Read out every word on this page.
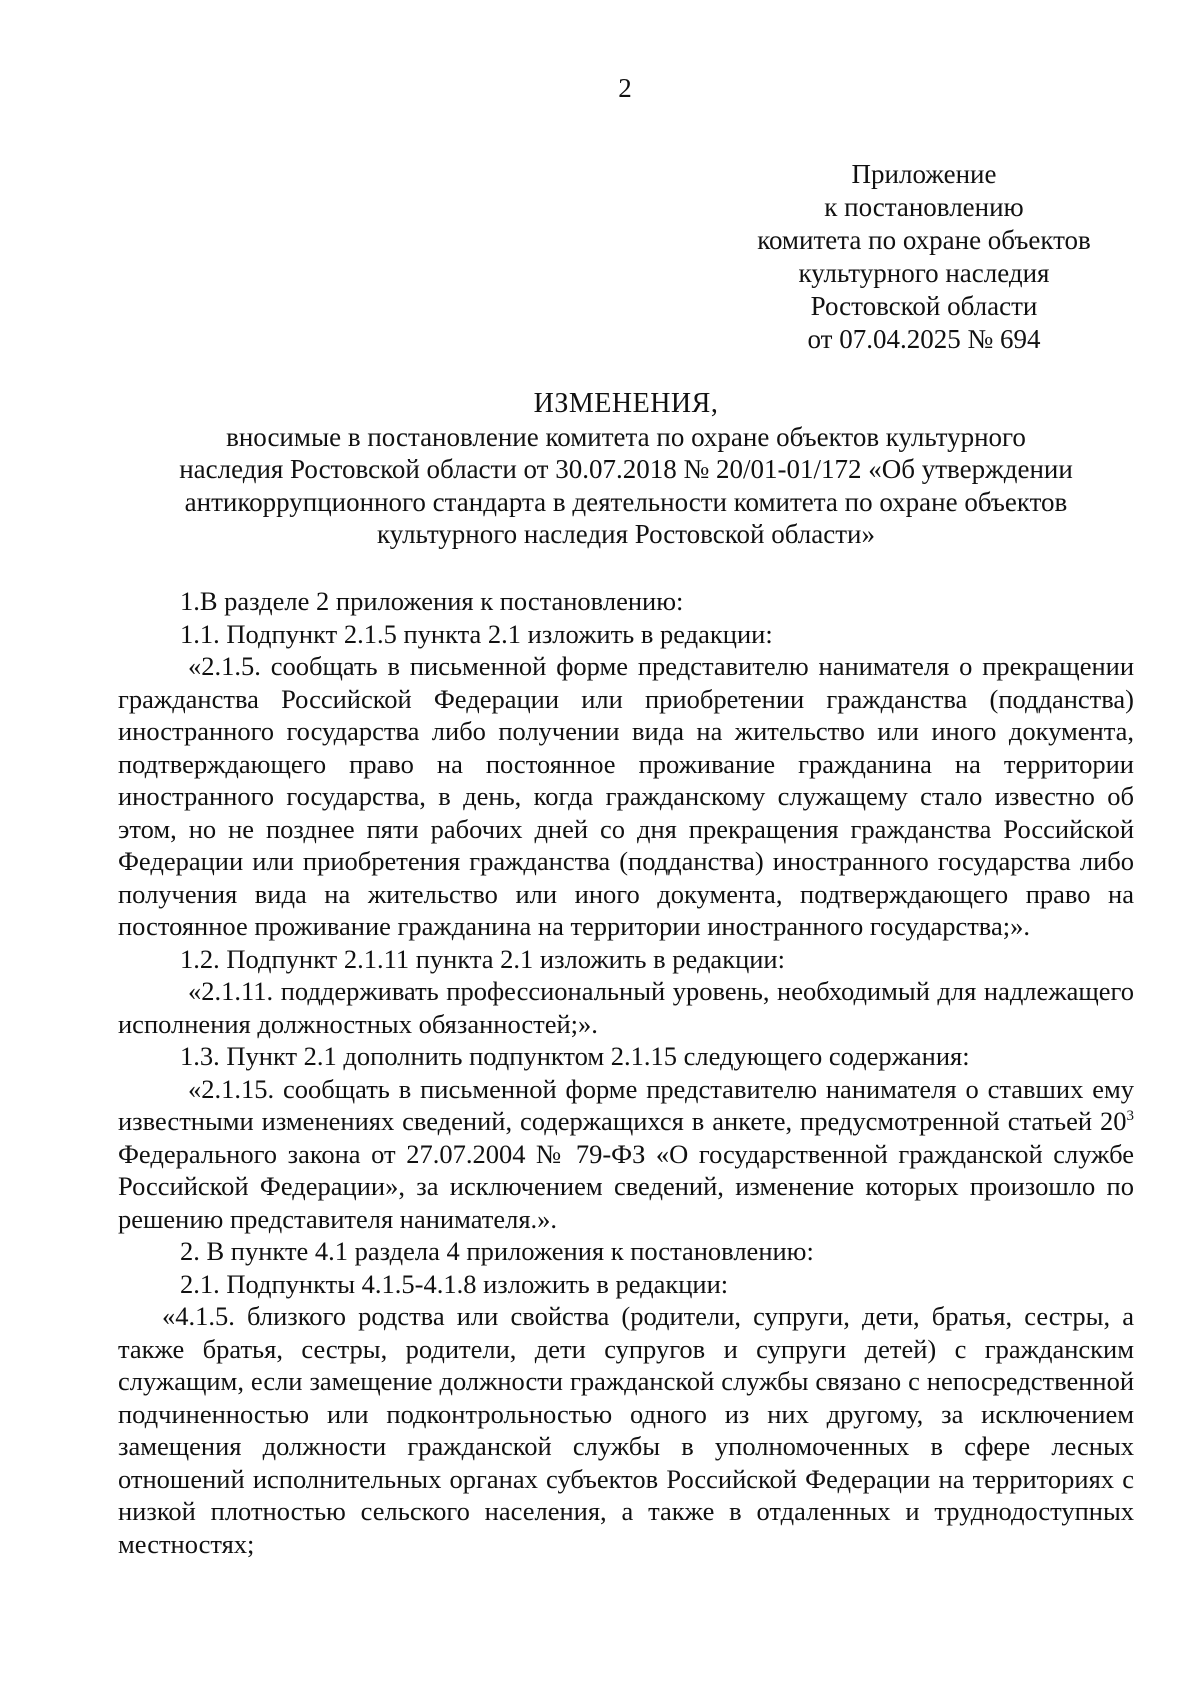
2
Приложение
к постановлению
комитета по охране объектов
культурного наследия
Ростовской области
от 07.04.2025 № 694
ИЗМЕНЕНИЯ,
вносимые в постановление комитета по охране объектов культурного
наследия Ростовской области от 30.07.2018 № 20/01-01/172 «Об утверждении
антикоррупционного стандарта в деятельности комитета по охране объектов
культурного наследия Ростовской области»

1.В разделе 2 приложения к постановлению:

1.1. Подпункт 2.1.5 пункта 2.1 изложить в редакции:

«2.1.5. сообщать в письменной форме представителю нанимателя о прекращении гражданства Российской Федерации или приобретении гражданства (подданства) иностранного государства либо получении вида на жительство или иного документа, подтверждающего право на постоянное проживание гражданина на территории иностранного государства, в день, когда гражданскому служащему стало известно об этом, но не позднее пяти рабочих дней со дня прекращения гражданства Российской Федерации или приобретения гражданства (подданства) иностранного государства либо получения вида на жительство или иного документа, подтверждающего право на постоянное проживание гражданина на территории иностранного государства;».

1.2. Подпункт 2.1.11 пункта 2.1 изложить в редакции:

«2.1.11. поддерживать профессиональный уровень, необходимый для надлежащего исполнения должностных обязанностей;».

1.3. Пункт 2.1 дополнить подпунктом 2.1.15 следующего содержания:

«2.1.15. сообщать в письменной форме представителю нанимателя о ставших ему известными изменениях сведений, содержащихся в анкете, предусмотренной статьей $20^3$ Федерального закона от 27.07.2004 № 79-ФЗ «О государственной гражданской службе Российской Федерации», за исключением сведений, изменение которых произошло по решению представителя нанимателя.».

2. В пункте 4.1 раздела 4 приложения к постановлению:

2.1. Подпункты 4.1.5-4.1.8 изложить в редакции:

«4.1.5. близкого родства или свойства (родители, супруги, дети, братья, сестры, а также братья, сестры, родители, дети супругов и супруги детей) с гражданским служащим, если замещение должности гражданской службы связано с непосредственной подчиненностью или подконтрольностью одного из них другому, за исключением замещения должности гражданской службы в уполномоченных в сфере лесных отношений исполнительных органах субъектов Российской Федерации на территориях с низкой плотностью сельского населения, а также в отдаленных и труднодоступных местностях;
